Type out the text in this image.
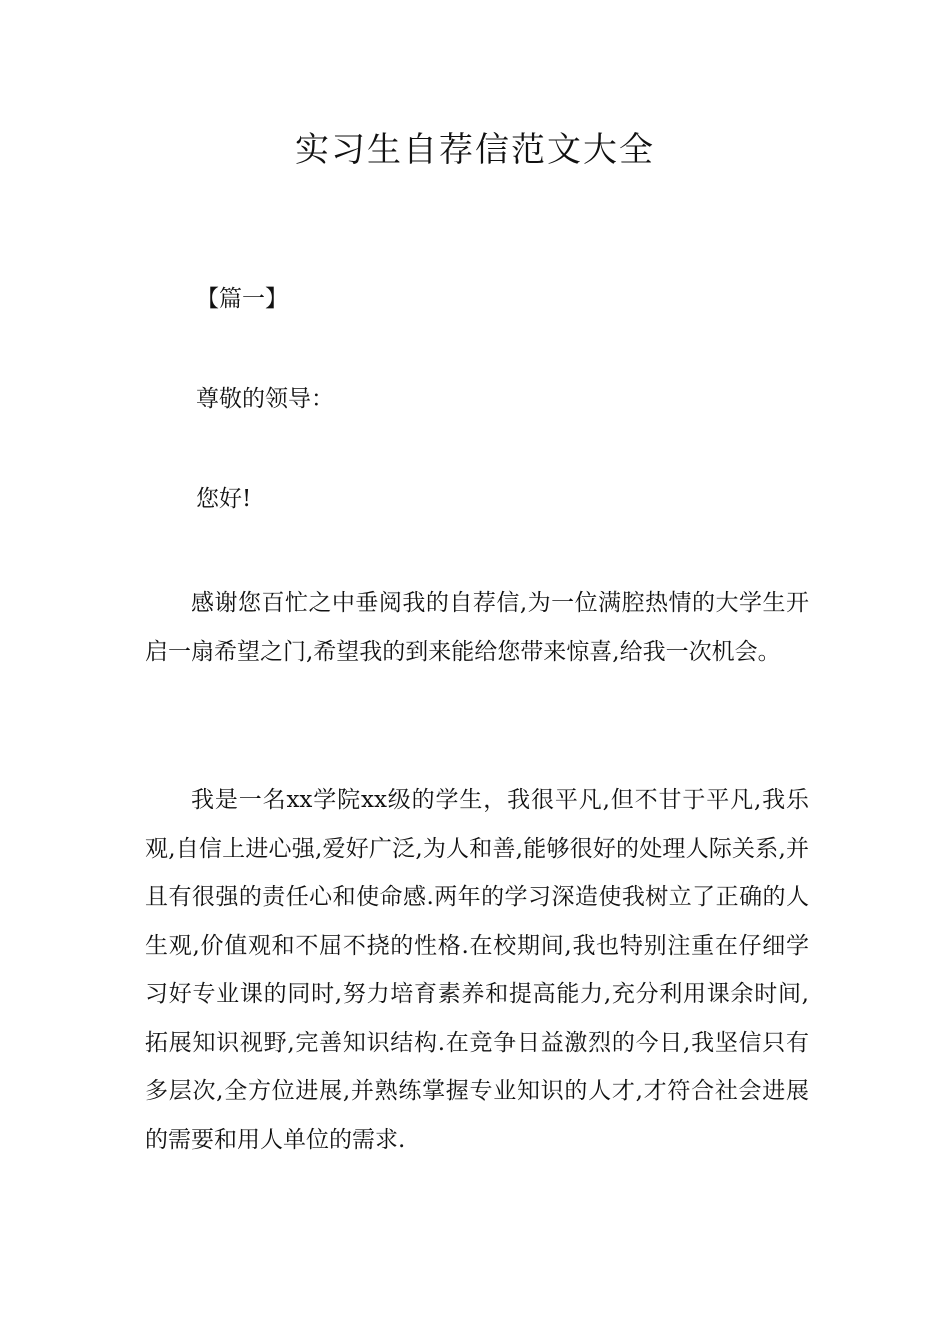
实习生自荐信范文大全

【篇一】

尊敬的领导：

您好!

感谢您百忙之中垂阅我的自荐信,为一位满腔热情的大学生开启一扇希望之门,希望我的到来能给您带来惊喜,给我一次机会。

我是一名xx学院xx级的学生，我很平凡,但不甘于平凡,我乐观,自信上进心强,爱好广泛,为人和善,能够很好的处理人际关系,并且有很强的责任心和使命感.两年的学习深造使我树立了正确的人生观,价值观和不屈不挠的性格.在校期间,我也特别注重在仔细学习好专业课的同时,努力培育素养和提高能力,充分利用课余时间,拓展知识视野,完善知识结构.在竞争日益激烈的今日,我坚信只有多层次,全方位进展,并熟练掌握专业知识的人才,才符合社会进展的需要和用人单位的需求.
